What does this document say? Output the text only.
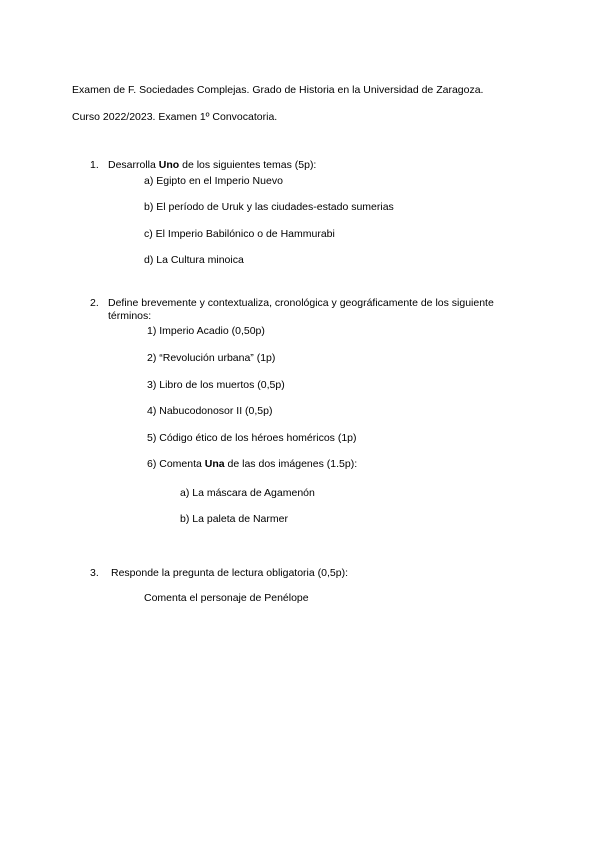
Examen de F. Sociedades Complejas. Grado de Historia en la Universidad de Zaragoza.
Curso 2022/2023. Examen 1º Convocatoria.
1. Desarrolla Uno de los siguientes temas (5p):
a) Egipto en el Imperio Nuevo
b) El período de Uruk y las ciudades-estado sumerias
c) El Imperio Babilónico o de Hammurabi
d) La Cultura minoica
2. Define brevemente y contextualiza, cronológica y geográficamente de los siguiente
términos:
1) Imperio Acadio (0,50p)
2) “Revolución urbana” (1p)
3) Libro de los muertos (0,5p)
4) Nabucodonosor II (0,5p)
5) Código ético de los héroes homéricos (1p)
6) Comenta Una de las dos imágenes (1.5p):
a) La máscara de Agamenón
b) La paleta de Narmer
3. Responde la pregunta de lectura obligatoria (0,5p):
Comenta el personaje de Penélope
